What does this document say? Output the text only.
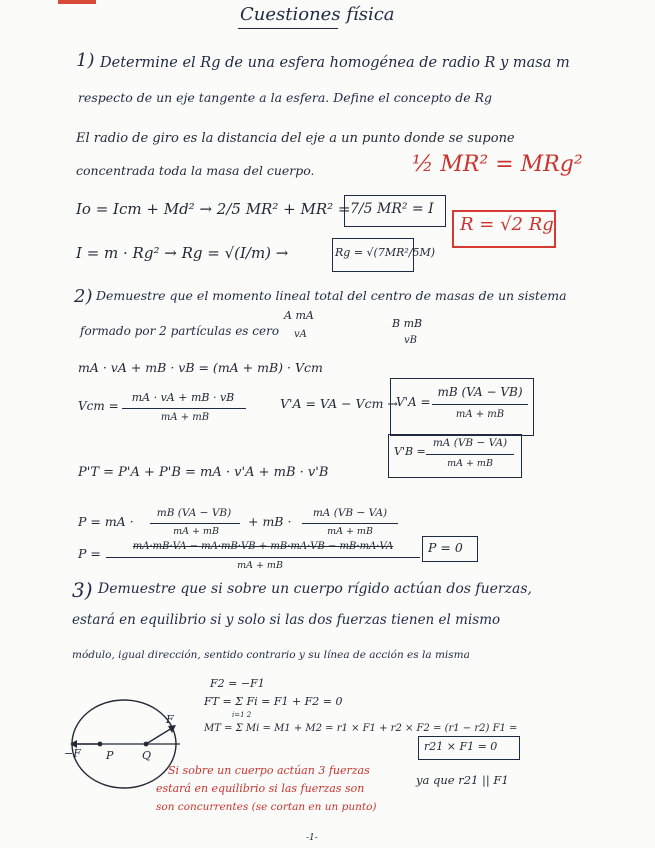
Cuestiones física
1) Determine el Rg de una esfera homogénea de radio R y masa m
respecto de un eje tangente a la esfera. Define el concepto de Rg
El radio de giro es la distancia del eje a un punto donde se supone
concentrada toda la masa del cuerpo.	½ MR² = MRg²
Io = Icm + Md² → 2/5 MR² + MR² = 7/5 MR² = I
R = √2 Rg
I = m · Rg² → Rg = √(I/m) →	Rg = √(7MR²/5M)
2) Demuestre que el momento lineal total del centro de masas de un sistema
formado por 2 partículas es cero
A mA
vA
B mB
vB
mA · vA + mB · vB = (mA + mB) · Vcm
Vcm =
mA · vA + mB · vB
mA + mB
V'A = VA − Vcm →
V'A =
mB (VA − VB)
mA + mB
V'B =
mA (VB − VA)
mA + mB
P'T = P'A + P'B = mA · v'A + mB · v'B
P = mA ·
mB (VA − VB)
mA + mB
+ mB ·
mA (VB − VA)
mA + mB
P =	mA·mB·VA − mA·mB·VB + mB·mA·VB − mB·mA·VA
mA + mB
P = 0
3) Demuestre que si sobre un cuerpo rígido actúan dos fuerzas,
estará en equilibrio si y solo si las dos fuerzas tienen el mismo
módulo, igual dirección, sentido contrario y su línea de acción es la misma
F2 = −F1
FT = Σ Fi = F1 + F2 = 0
i=1 2
MT = Σ Mi = M1 + M2 = r1 × F1 + r2 × F2 = (r1 − r2) F1 =
r21 × F1 = 0
F
−F P	Q
Si sobre un cuerpo actúan 3 fuerzas
estará en equilibrio si las fuerzas son
son concurrentes (se cortan en un punto)
ya que r21 || F1
-1-
